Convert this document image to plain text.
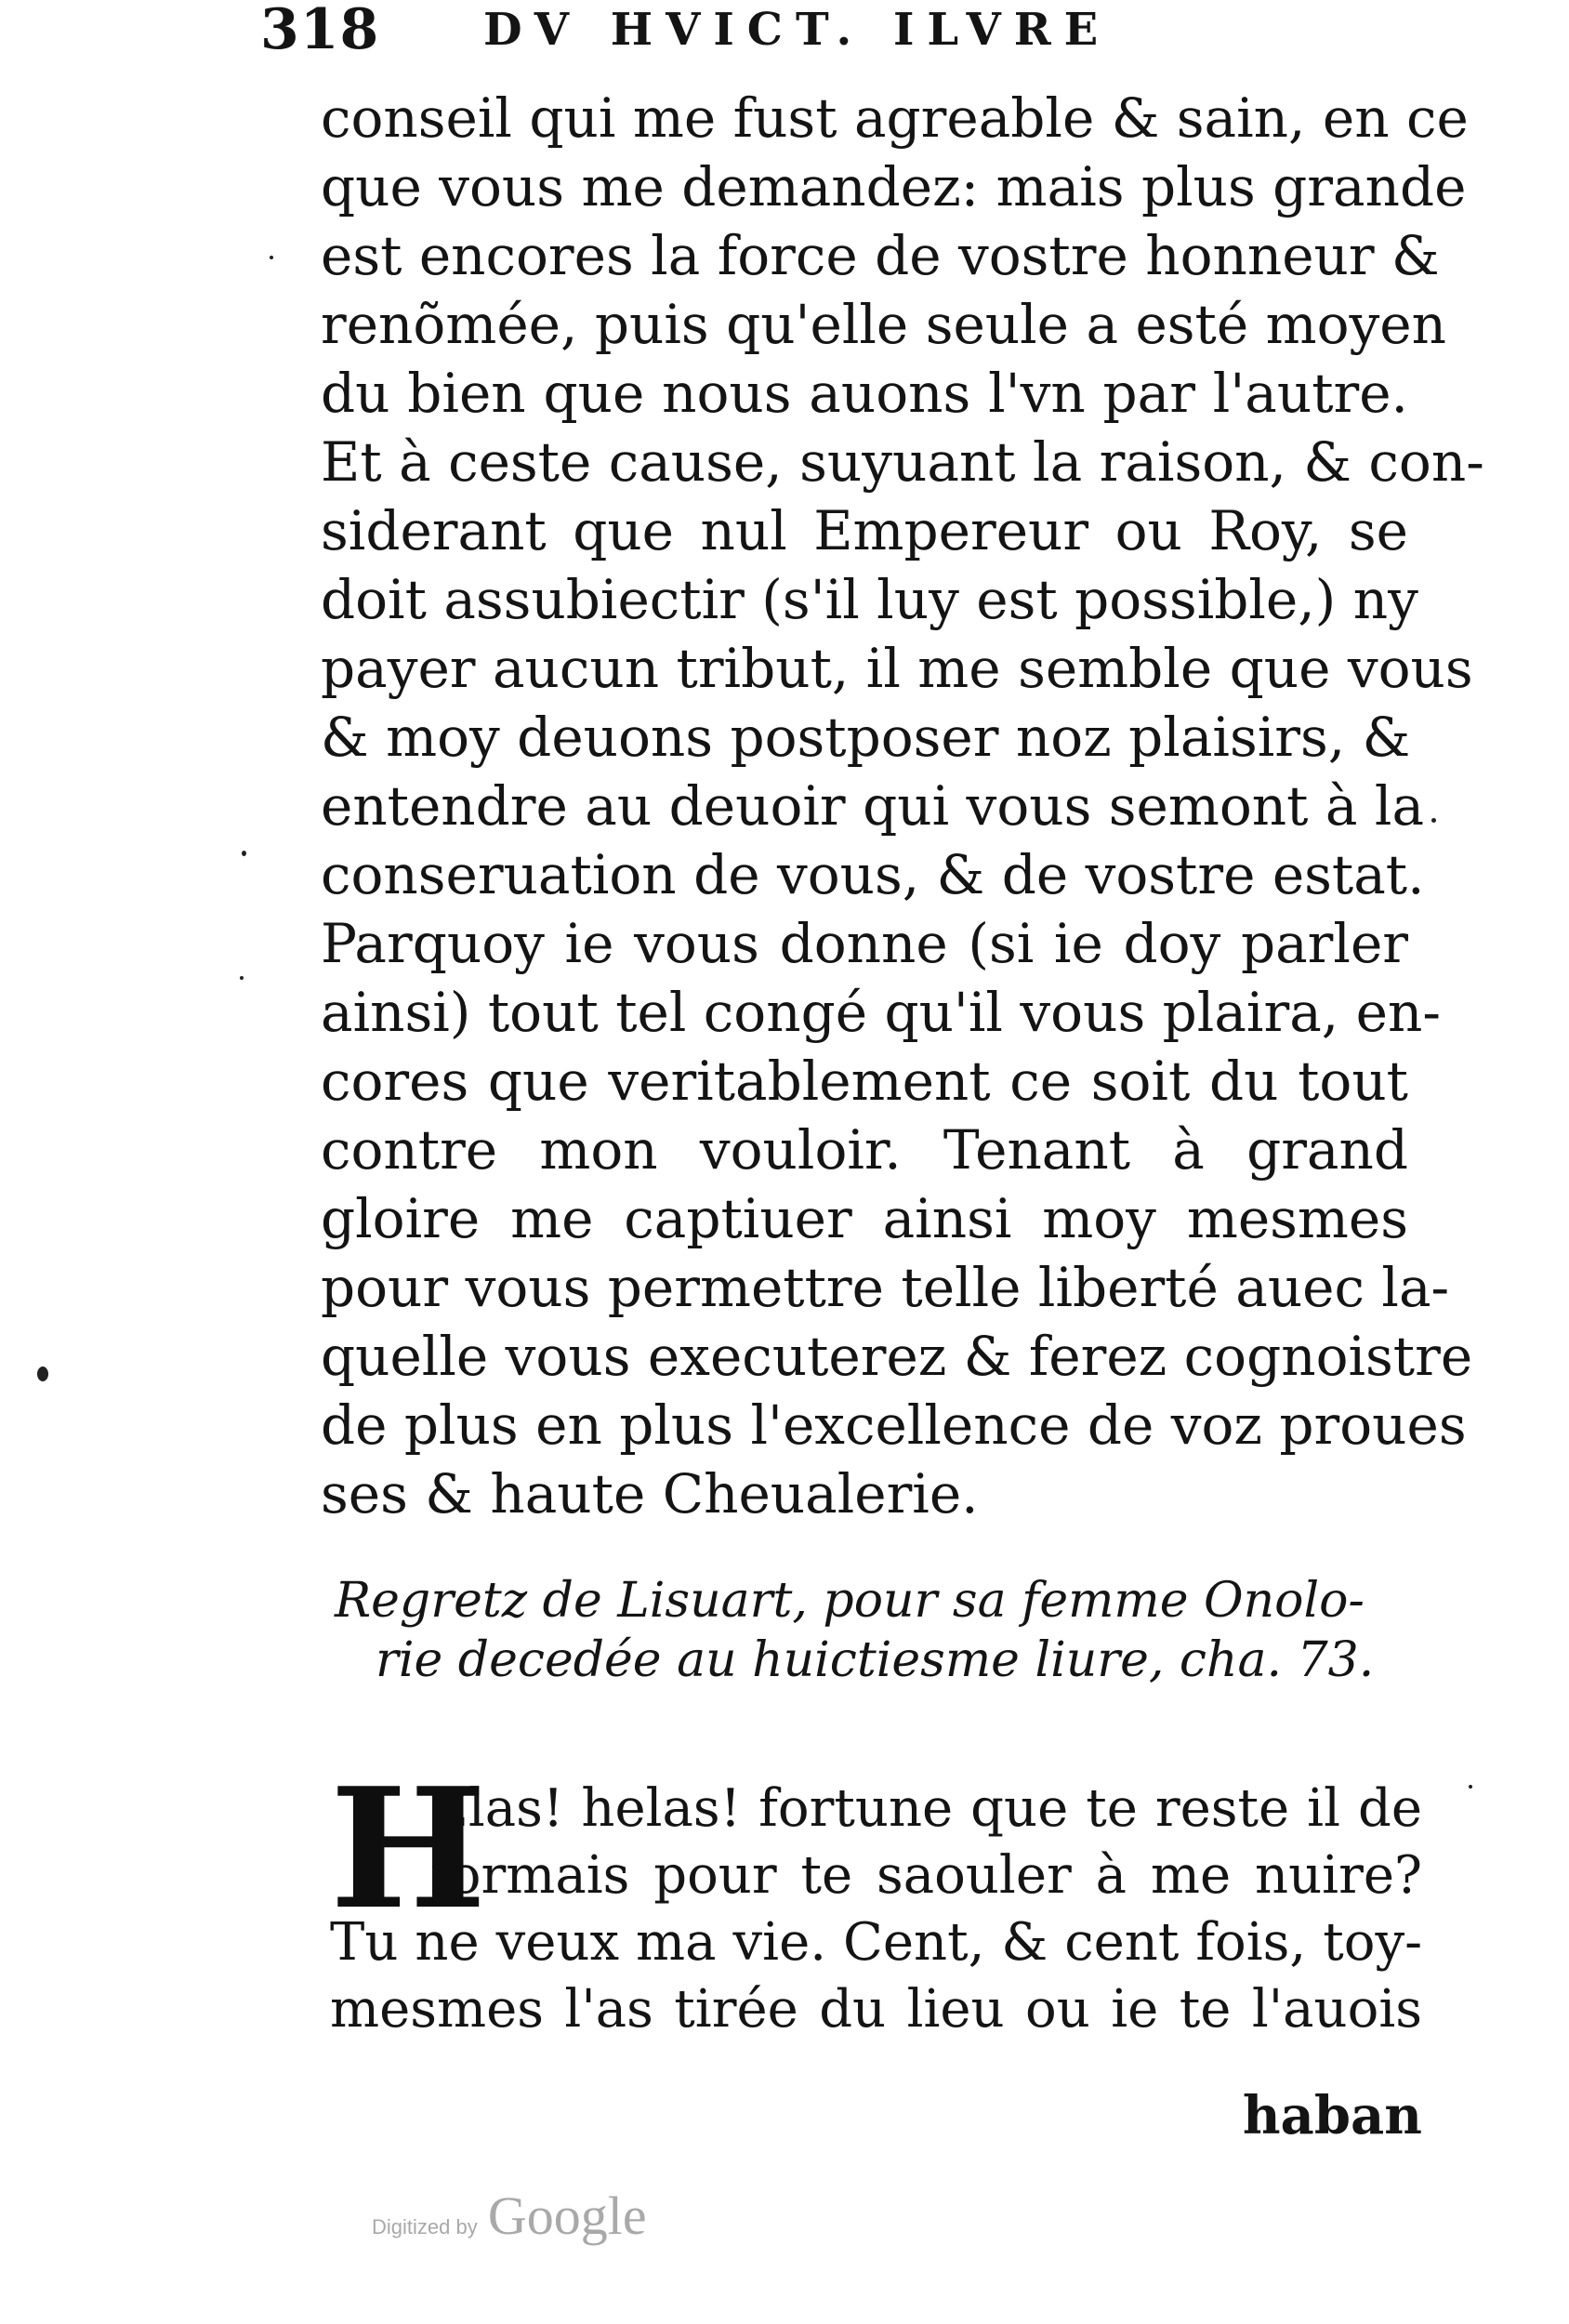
318 DV HVICT. ILVRE
conseil qui me fust agreable & sain, en ce
que vous me demandez: mais plus grande
est encores la force de vostre honneur &
renõmée, puis qu'elle seule a esté moyen
du bien que nous auons l'vn par l'autre.
Et à ceste cause, suyuant la raison, & con-
siderant que nul Empereur ou Roy, se
doit assubiectir (s'il luy est possible,) ny
payer aucun tribut, il me semble que vous
& moy deuons postposer noz plaisirs, &
entendre au deuoir qui vous semont à la
conseruation de vous, & de vostre estat.
Parquoy ie vous donne (si ie doy parler
ainsi) tout tel congé qu'il vous plaira, en-
cores que veritablement ce soit du tout
contre mon vouloir. Tenant à grand
gloire me captiuer ainsi moy mesmes
pour vous permettre telle liberté auec la-
quelle vous executerez & ferez cognoistre
de plus en plus l'excellence de voz proues
ses & haute Cheualerie.
Regretz de Lisuart, pour sa femme Onolo-
rie decedée au huictiesme liure, cha. 73.
H
Elas! helas! fortune que te reste il de
formais pour te saouler à me nuire?
Tu ne veux ma vie. Cent, & cent fois, toy-
mesmes l'as tirée du lieu ou ie te l'auois
haban
Digitized by Google
